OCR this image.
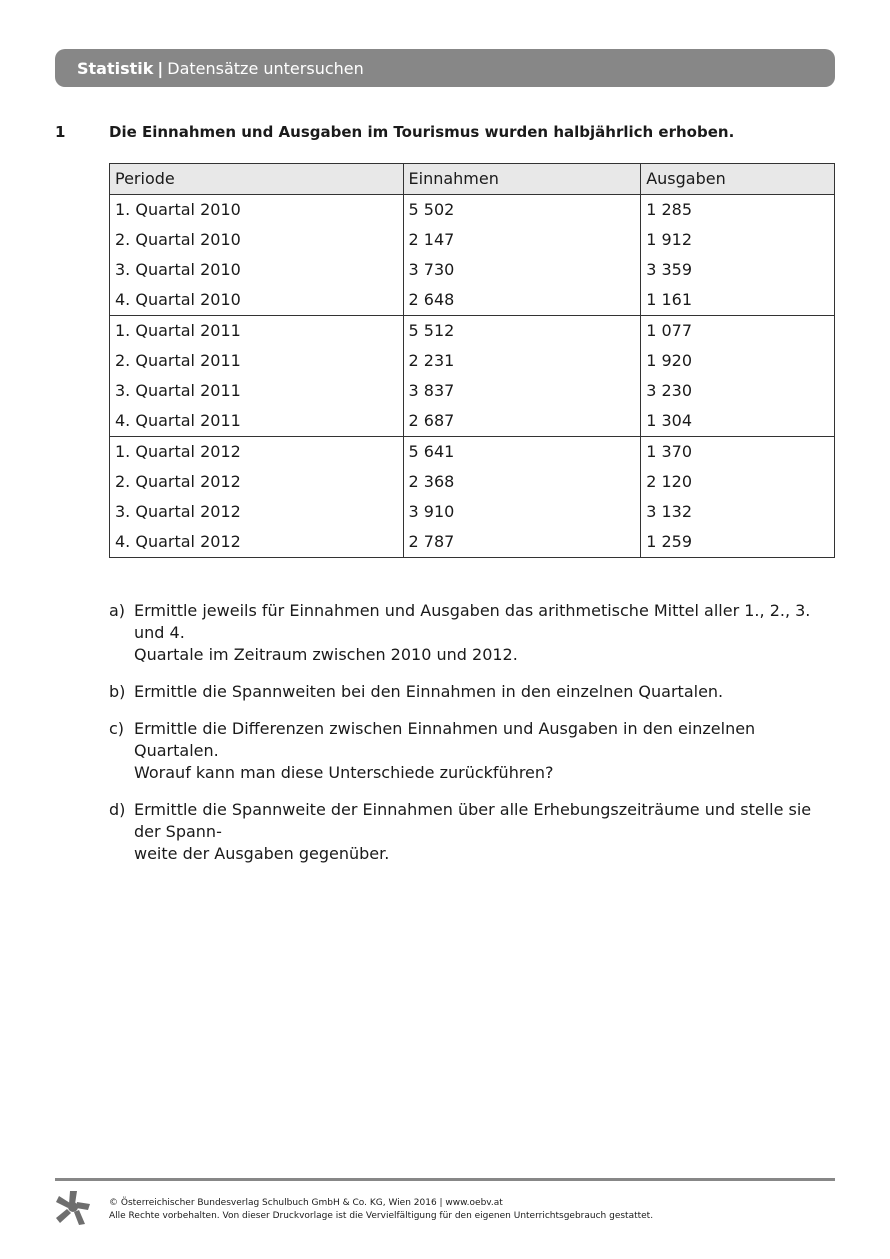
Statistik | Datensätze untersuchen
1	Die Einnahmen und Ausgaben im Tourismus wurden halbjährlich erhoben.
Periode	Einnahmen	Ausgaben
1. Quartal 2010	5 502	1 285
2. Quartal 2010	2 147	1 912
3. Quartal 2010	3 730	3 359
4. Quartal 2010	2 648	1 161
1. Quartal 2011	5 512	1 077
2. Quartal 2011	2 231	1 920
3. Quartal 2011	3 837	3 230
4. Quartal 2011	2 687	1 304
1. Quartal 2012	5 641	1 370
2. Quartal 2012	2 368	2 120
3. Quartal 2012	3 910	3 132
4. Quartal 2012	2 787	1 259
a) Ermittle jeweils für Einnahmen und Ausgaben das arithmetische Mittel aller 1., 2., 3. und 4.
Quartale im Zeitraum zwischen 2010 und 2012.
b) Ermittle die Spannweiten bei den Einnahmen in den einzelnen Quartalen.
c) Ermittle die Differenzen zwischen Einnahmen und Ausgaben in den einzelnen Quartalen.
Worauf kann man diese Unterschiede zurückführen?
d) Ermittle die Spannweite der Einnahmen über alle Erhebungszeiträume und stelle sie der Spann-
weite der Ausgaben gegenüber.
© Österreichischer Bundesverlag Schulbuch GmbH & Co. KG, Wien 2016 | www.oebv.at
Alle Rechte vorbehalten. Von dieser Druckvorlage ist die Vervielfältigung für den eigenen Unterrichtsgebrauch gestattet.
